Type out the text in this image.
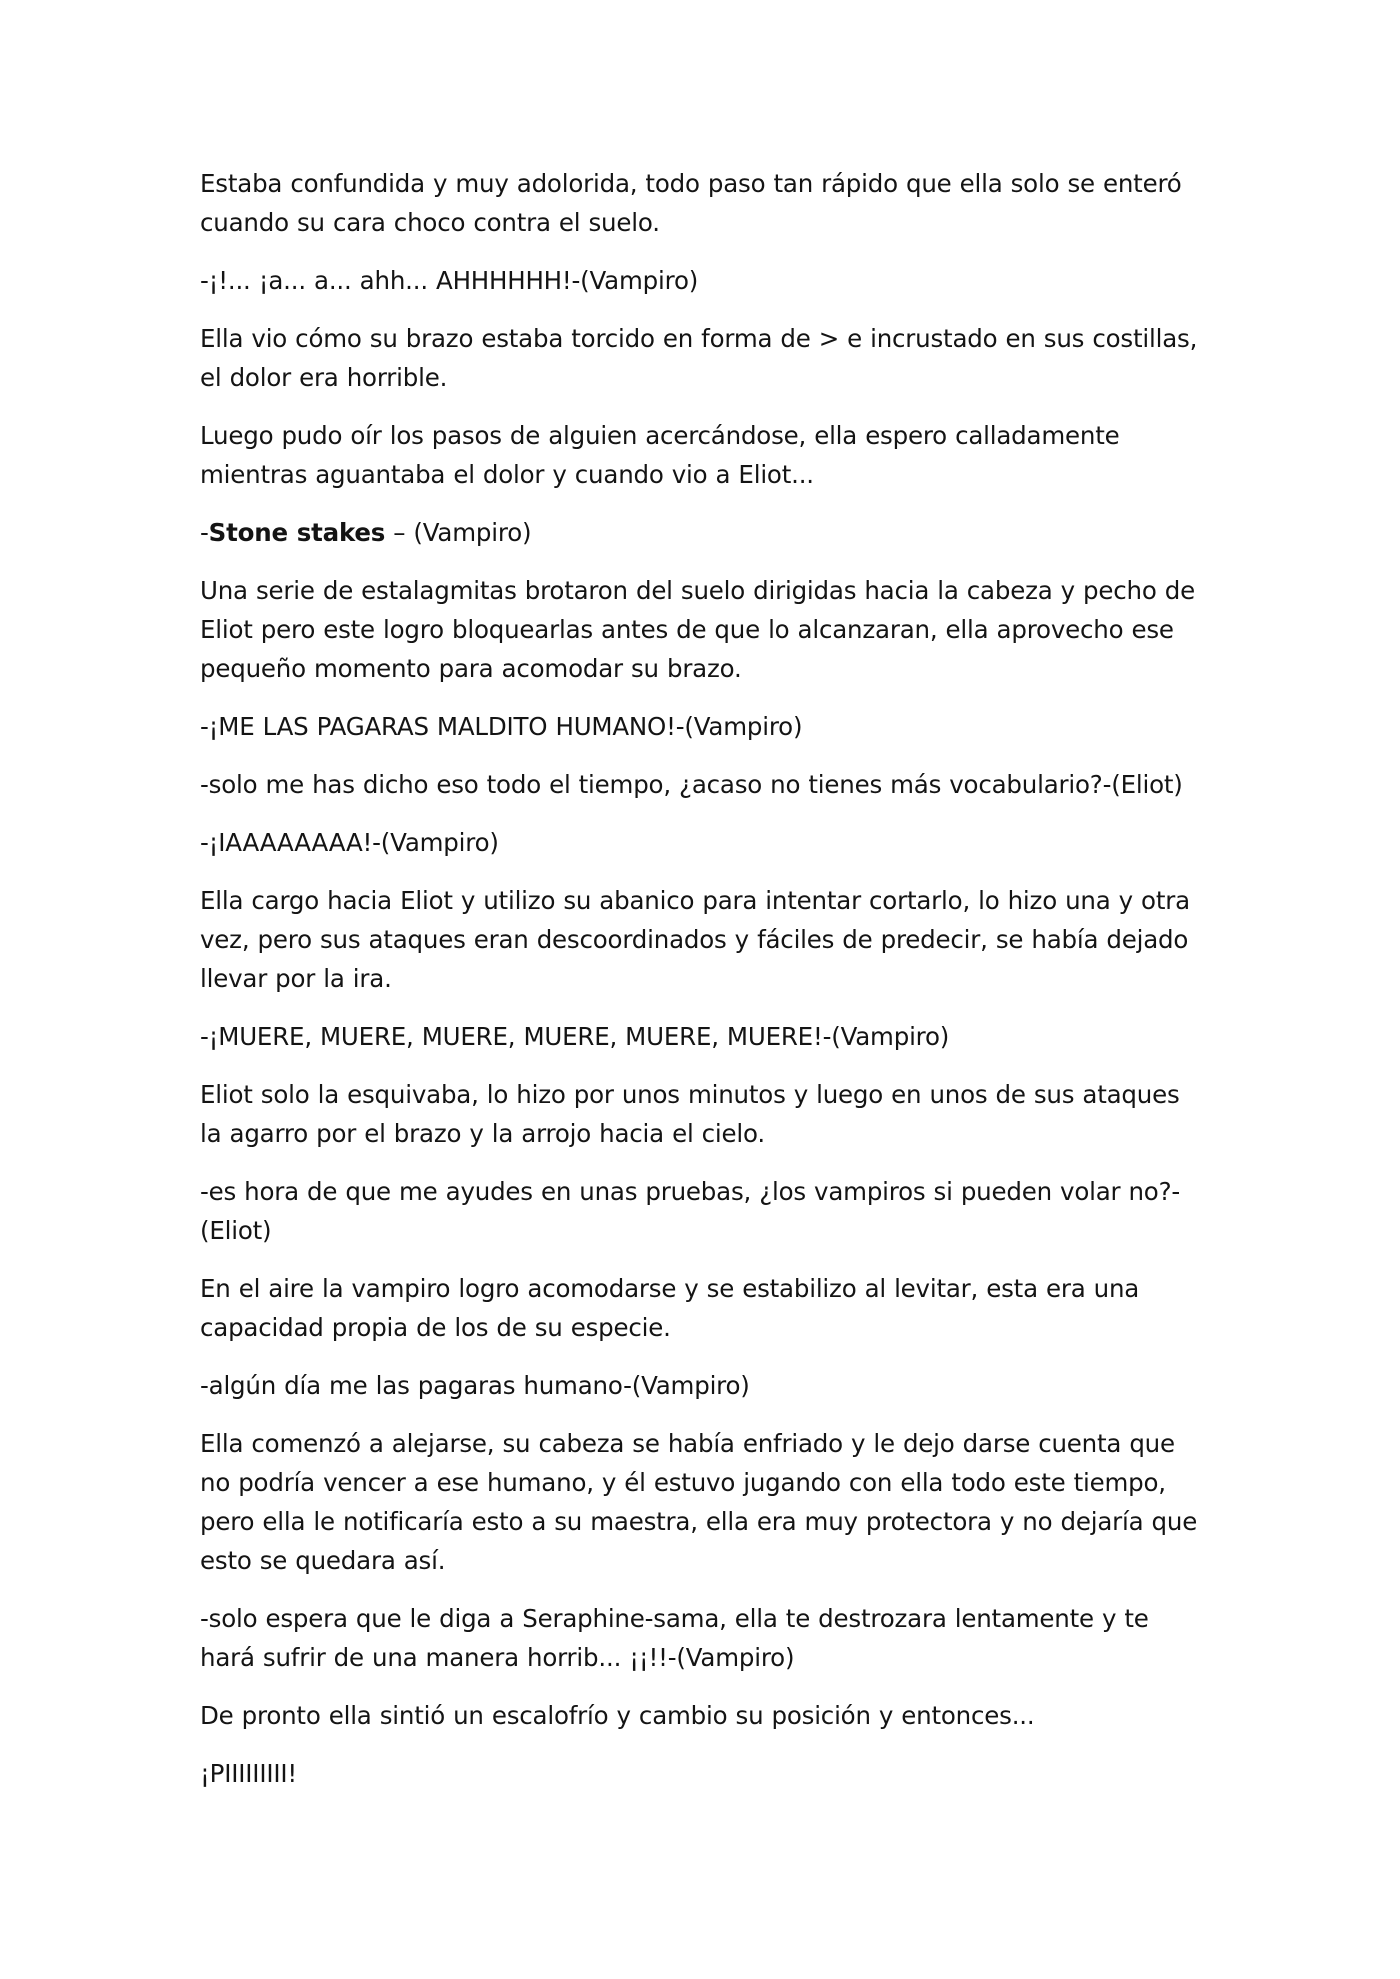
Estaba confundida y muy adolorida, todo paso tan rápido que ella solo se enteró cuando su cara choco contra el suelo.

-¡!... ¡a... a... ahh... AHHHHHH!-(Vampiro)

Ella vio cómo su brazo estaba torcido en forma de > e incrustado en sus costillas, el dolor era horrible.

Luego pudo oír los pasos de alguien acercándose, ella espero calladamente mientras aguantaba el dolor y cuando vio a Eliot...

-Stone stakes – (Vampiro)

Una serie de estalagmitas brotaron del suelo dirigidas hacia la cabeza y pecho de Eliot pero este logro bloquearlas antes de que lo alcanzaran, ella aprovecho ese pequeño momento para acomodar su brazo.

-¡ME LAS PAGARAS MALDITO HUMANO!-(Vampiro)

-solo me has dicho eso todo el tiempo, ¿acaso no tienes más vocabulario?-(Eliot)

-¡IAAAAAAAA!-(Vampiro)

Ella cargo hacia Eliot y utilizo su abanico para intentar cortarlo, lo hizo una y otra vez, pero sus ataques eran descoordinados y fáciles de predecir, se había dejado llevar por la ira.

-¡MUERE, MUERE, MUERE, MUERE, MUERE, MUERE!-(Vampiro)

Eliot solo la esquivaba, lo hizo por unos minutos y luego en unos de sus ataques la agarro por el brazo y la arrojo hacia el cielo.

-es hora de que me ayudes en unas pruebas, ¿los vampiros si pueden volar no?-(Eliot)

En el aire la vampiro logro acomodarse y se estabilizo al levitar, esta era una capacidad propia de los de su especie.

-algún día me las pagaras humano-(Vampiro)

Ella comenzó a alejarse, su cabeza se había enfriado y le dejo darse cuenta que no podría vencer a ese humano, y él estuvo jugando con ella todo este tiempo, pero ella le notificaría esto a su maestra, ella era muy protectora y no dejaría que esto se quedara así.

-solo espera que le diga a Seraphine-sama, ella te destrozara lentamente y te hará sufrir de una manera horrib... ¡¡!!-(Vampiro)

De pronto ella sintió un escalofrío y cambio su posición y entonces...

¡PIIIIIIIII!
